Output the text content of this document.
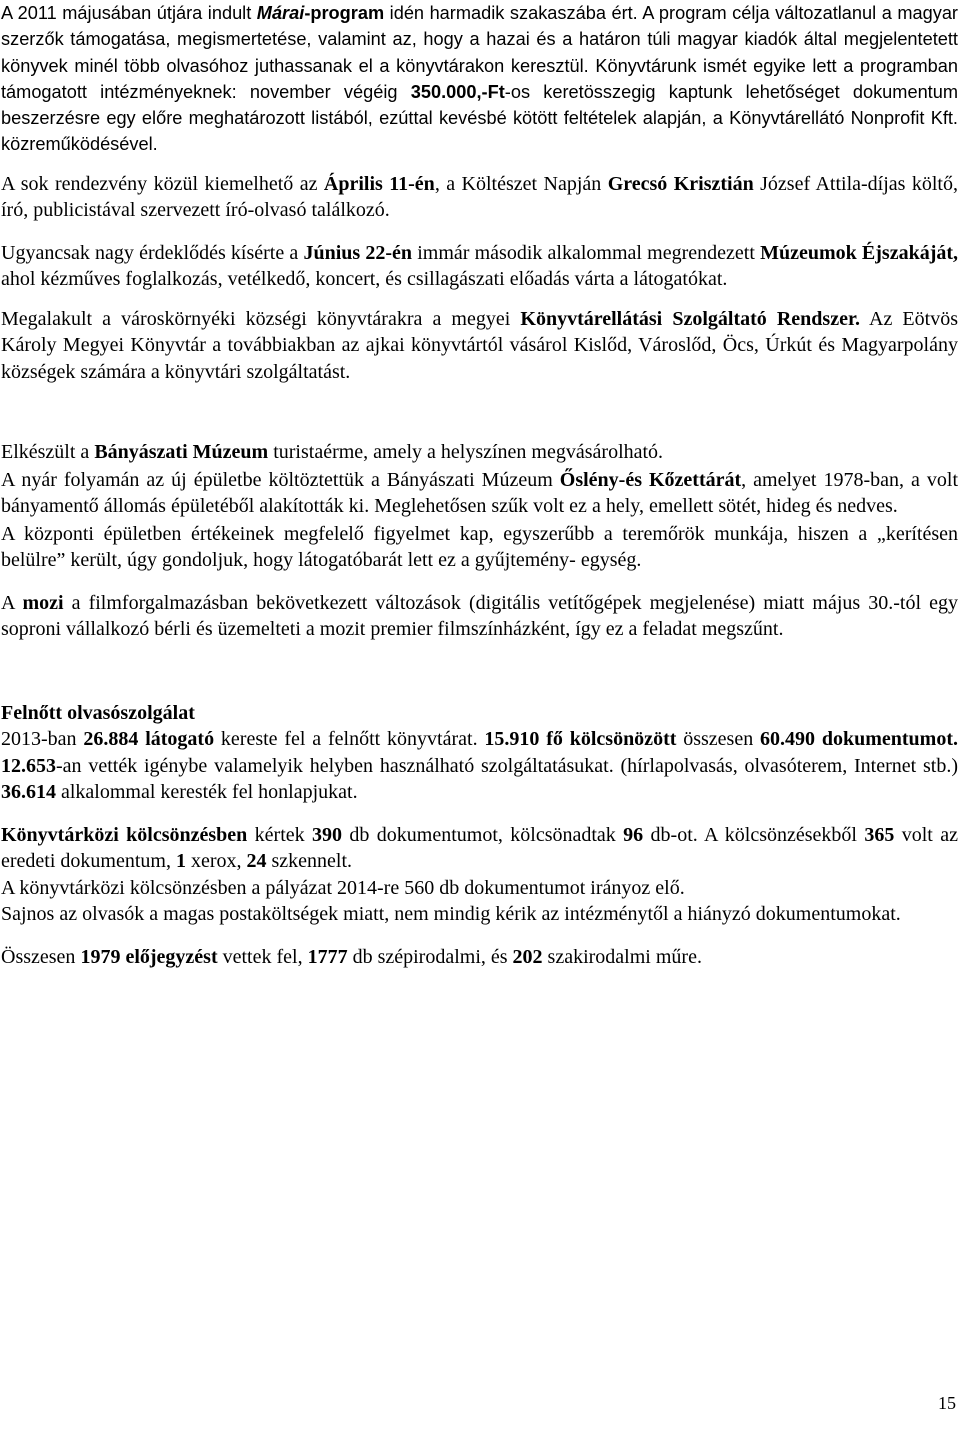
A 2011 májusában útjára indult Márai-program idén harmadik szakaszába ért. A program célja változatlanul a magyar szerzők támogatása, megismertetése, valamint az, hogy a hazai és a határon túli magyar kiadók által megjelentetett könyvek minél több olvasóhoz juthassanak el a könyvtárakon keresztül. Könyvtárunk ismét egyike lett a programban támogatott intézményeknek: november végéig 350.000,-Ft-os keretösszegig kaptunk lehetőséget dokumentum beszerzésre egy előre meghatározott listából, ezúttal kevésbé kötött feltételek alapján, a Könyvtárellátó Nonprofit Kft. közreműködésével.

A sok rendezvény közül kiemelhető az Április 11-én, a Költészet Napján Grecsó Krisztián József Attila-díjas költő, író, publicistával szervezett író-olvasó találkozó.

Ugyancsak nagy érdeklődés kísérte a Június 22-én immár második alkalommal megrendezett Múzeumok Éjszakáját, ahol kézműves foglalkozás, vetélkedő, koncert, és csillagászati előadás várta a látogatókat.

Megalakult a városkörnyéki községi könyvtárakra a megyei Könyvtárellátási Szolgáltató Rendszer. Az Eötvös Károly Megyei Könyvtár a továbbiakban az ajkai könyvtártól vásárol Kislőd, Városlőd, Öcs, Úrkút és Magyarpolány községek számára a könyvtári szolgáltatást.

Elkészült a Bányászati Múzeum turistaérme, amely a helyszínen megvásárolható.

A nyár folyamán az új épületbe költöztettük a Bányászati Múzeum Őslény-és Kőzettárát, amelyet 1978-ban, a volt bányamentő állomás épületéből alakították ki. Meglehetősen szűk volt ez a hely, emellett sötét, hideg és nedves.

A központi épületben értékeinek megfelelő figyelmet kap, egyszerűbb a teremőrök munkája, hiszen a „kerítésen belülre” került, úgy gondoljuk, hogy látogatóbarát lett ez a gyűjtemény- egység.

A mozi a filmforgalmazásban bekövetkezett változások (digitális vetítőgépek megjelenése) miatt május 30.-tól egy soproni vállalkozó bérli és üzemelteti a mozit premier filmszínházként, így ez a feladat megszűnt.

Felnőtt olvasószolgálat

2013-ban 26.884 látogató kereste fel a felnőtt könyvtárat. 15.910 fő kölcsönözött összesen 60.490 dokumentumot. 12.653-an vették igénybe valamelyik helyben használható szolgáltatásukat. (hírlapolvasás, olvasóterem, Internet stb.) 36.614 alkalommal keresték fel honlapjukat.

Könyvtárközi kölcsönzésben kértek 390 db dokumentumot, kölcsönadtak 96 db-ot. A kölcsönzésekből 365 volt az eredeti dokumentum, 1 xerox, 24 szkennelt.

A könyvtárközi kölcsönzésben a pályázat 2014-re 560 db dokumentumot irányoz elő.

Sajnos az olvasók a magas postaköltségek miatt, nem mindig kérik az intézménytől a hiányzó dokumentumokat.

Összesen 1979 előjegyzést vettek fel, 1777 db szépirodalmi, és 202 szakirodalmi műre.

15
